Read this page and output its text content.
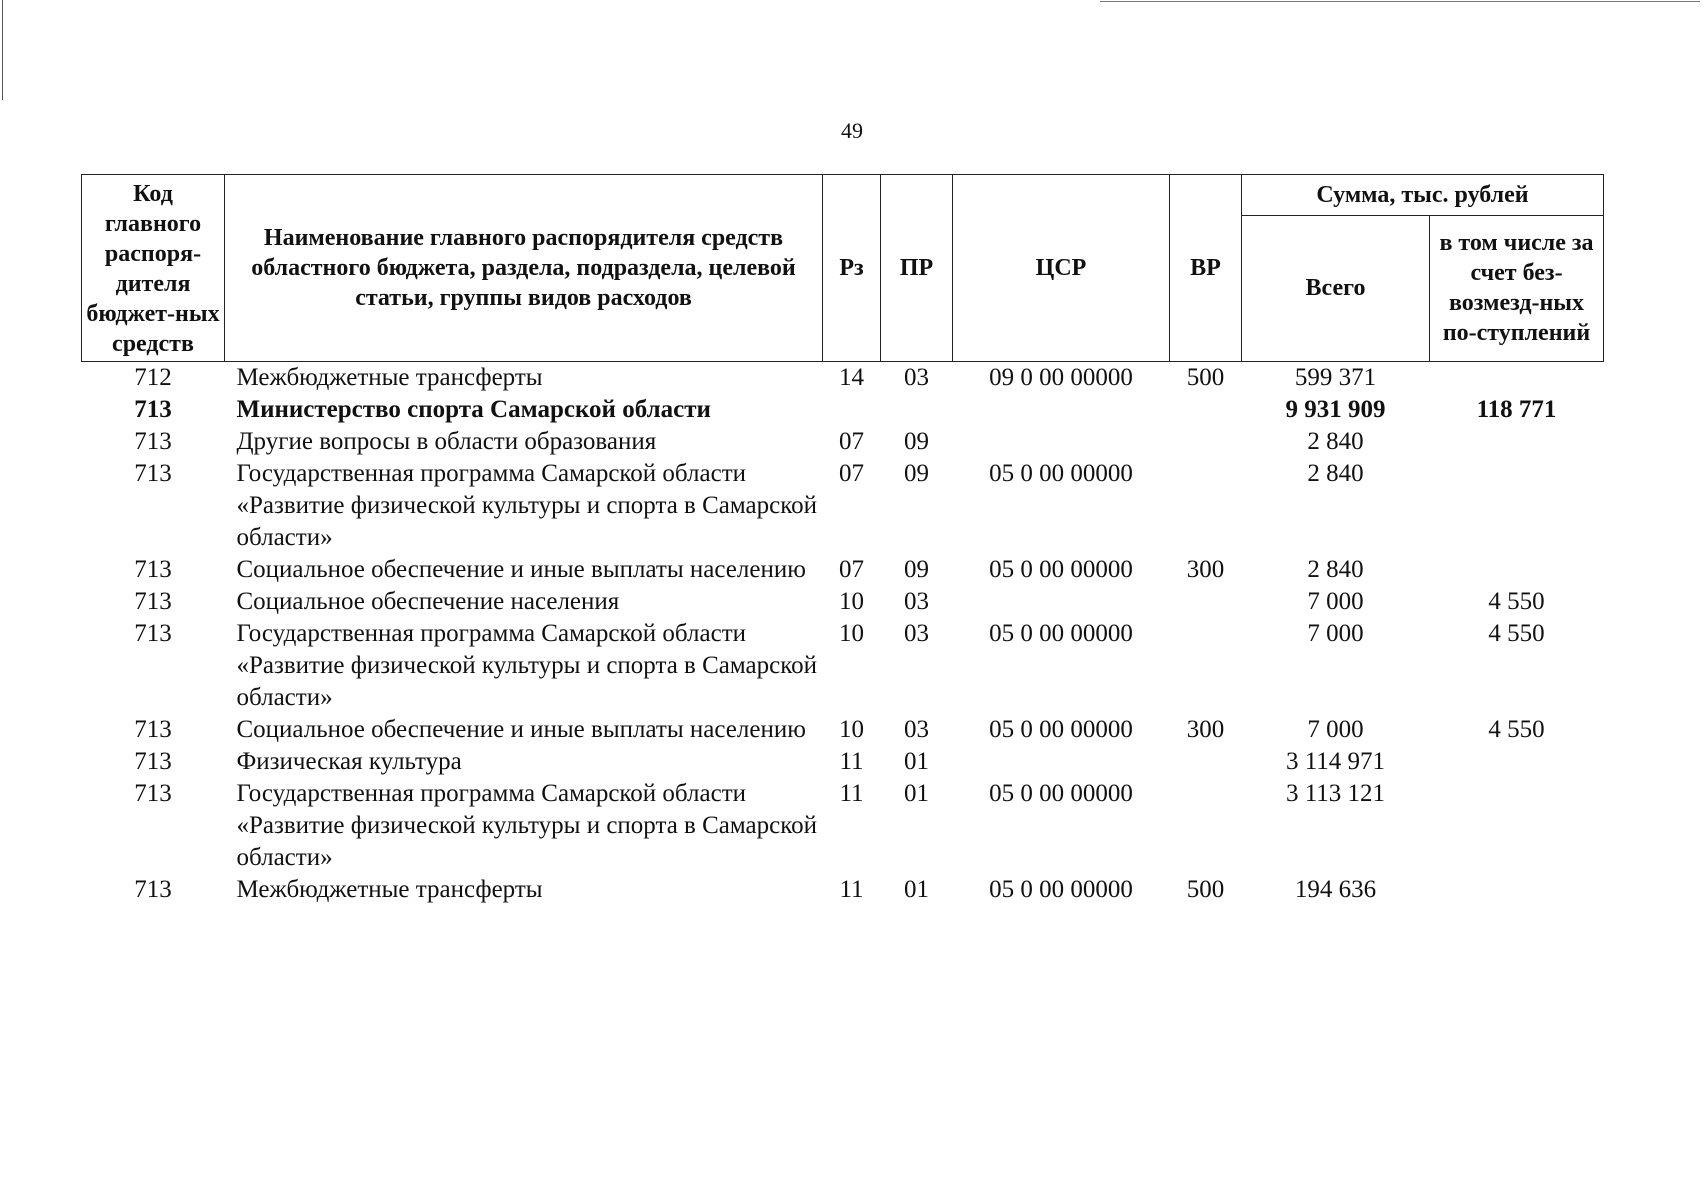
49
Код главного распоря-дителя бюджет-ных средств	Наименование главного распорядителя средств областного бюджета, раздела, подраздела, целевой статьи, группы видов расходов	Рз	ПР	ЦСР	ВР	Сумма, тыс. рублей	
						Всего	в том числе за счет без-возмезд-ных по-ступлений
712	Межбюджетные трансферты	14	03	09 0 00 00000	500	599 371	
713	Министерство спорта Самарской области					9 931 909	118 771
713	Другие вопросы в области образования	07	09			2 840	
713	Государственная программа Самарской области «Развитие физической культуры и спорта в Самарской области»	07	09	05 0 00 00000		2 840	
713	Социальное обеспечение и иные выплаты населению	07	09	05 0 00 00000	300	2 840	
713	Социальное обеспечение населения	10	03			7 000	4 550
713	Государственная программа Самарской области «Развитие физической культуры и спорта в Самарской области»	10	03	05 0 00 00000		7 000	4 550
713	Социальное обеспечение и иные выплаты населению	10	03	05 0 00 00000	300	7 000	4 550
713	Физическая культура	11	01			3 114 971	
713	Государственная программа Самарской области «Развитие физической культуры и спорта в Самарской области»	11	01	05 0 00 00000		3 113 121	
713	Межбюджетные трансферты	11	01	05 0 00 00000	500	194 636	
